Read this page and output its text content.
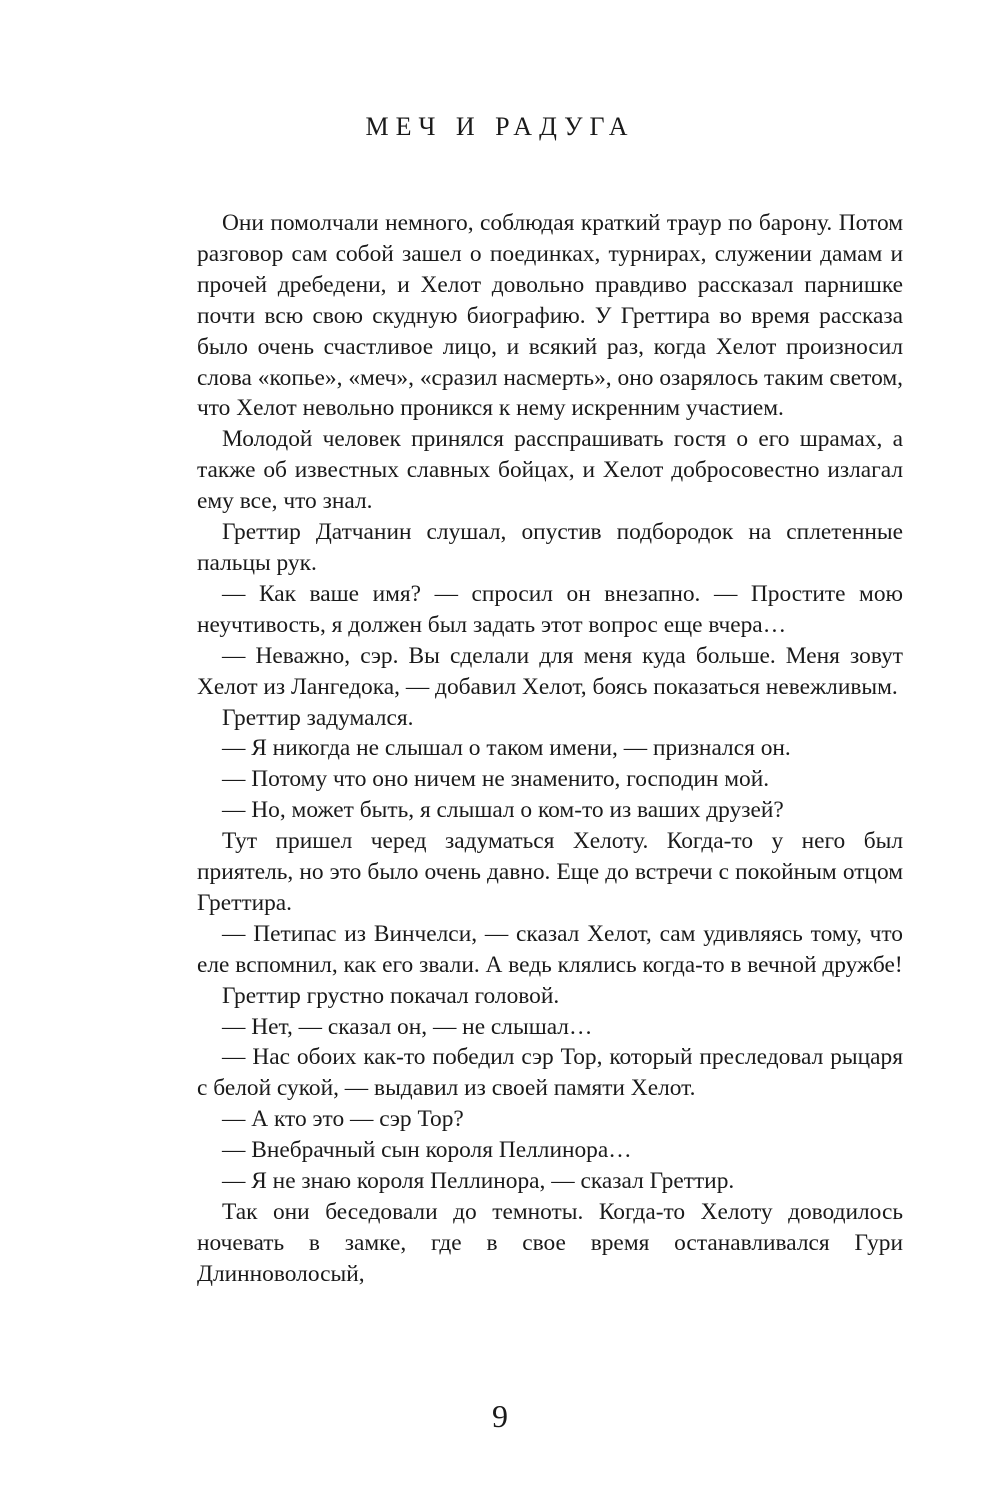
МЕЧ И РАДУГА

Они помолчали немного, соблюдая краткий траур по барону. Потом разговор сам собой зашел о поединках, турнирах, служении дамам и прочей дребедени, и Хелот довольно правдиво рассказал парнишке почти всю свою скудную биографию. У Греттира во время рассказа было очень счастливое лицо, и всякий раз, когда Хелот произносил слова «копье», «меч», «сразил насмерть», оно озарялось таким светом, что Хелот невольно проникся к нему искренним участием.

Молодой человек принялся расспрашивать гостя о его шрамах, а также об известных славных бойцах, и Хелот добросовестно излагал ему все, что знал.

Греттир Датчанин слушал, опустив подбородок на сплетенные пальцы рук.

— Как ваше имя? — спросил он внезапно. — Простите мою неучтивость, я должен был задать этот вопрос еще вчера…

— Неважно, сэр. Вы сделали для меня куда больше. Меня зовут Хелот из Лангедока, — добавил Хелот, боясь показаться невежливым.

Греттир задумался.

— Я никогда не слышал о таком имени, — признался он.

— Потому что оно ничем не знаменито, господин мой.

— Но, может быть, я слышал о ком-то из ваших друзей?

Тут пришел черед задуматься Хелоту. Когда-то у него был приятель, но это было очень давно. Еще до встречи с покойным отцом Греттира.

— Петипас из Винчелси, — сказал Хелот, сам удивляясь тому, что еле вспомнил, как его звали. А ведь клялись когда-то в вечной дружбе!

Греттир грустно покачал головой.

— Нет, — сказал он, — не слышал…

— Нас обоих как-то победил сэр Тор, который преследовал рыцаря с белой сукой, — выдавил из своей памяти Хелот.

— А кто это — сэр Тор?

— Внебрачный сын короля Пеллинора…

— Я не знаю короля Пеллинора, — сказал Греттир.

Так они беседовали до темноты. Когда-то Хелоту доводилось ночевать в замке, где в свое время останавливался Гури Длинноволосый,

9
